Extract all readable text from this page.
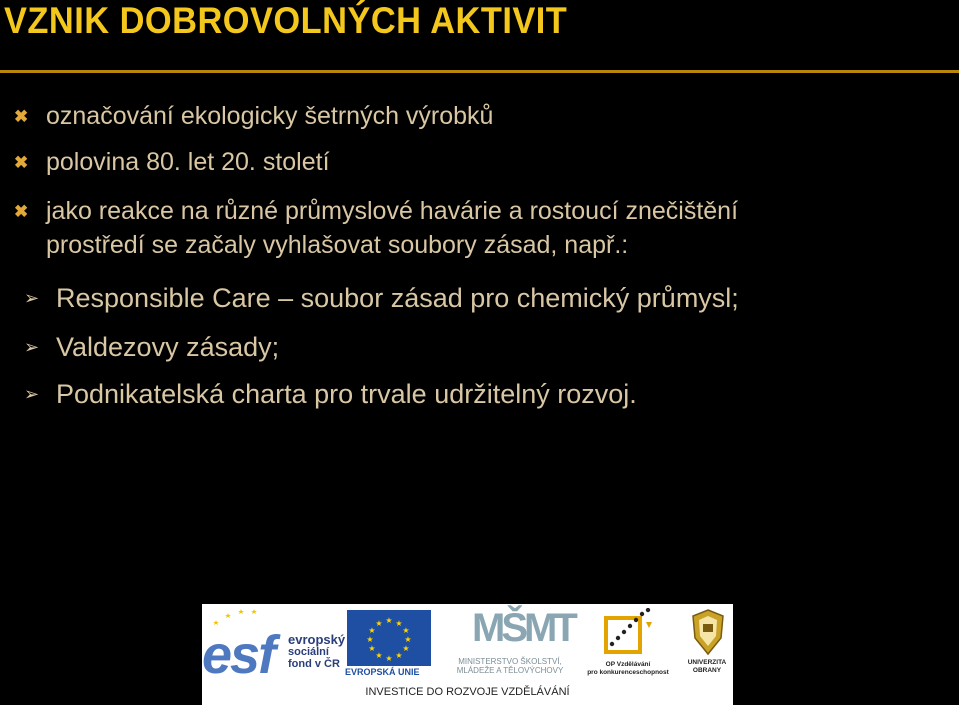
VZNIK DOBROVOLNÝCH AKTIVIT
✖ označování ekologicky šetrných výrobků
✖ polovina 80. let 20. století
✖ jako reakce na různé průmyslové havárie a rostoucí znečištění
prostředí se začaly vyhlašovat soubory zásad, např.:
➢ Responsible Care – soubor zásad pro chemický průmysl;
➢ Valdezovy zásady;
➢ Podnikatelská charta pro trvale udržitelný rozvoj.
esf evropský
sociální
fond v ČR
★ ★
★
★
★
★
★
★
★
★
★
★
EVROPSKÁ UNIE
MŠMT
MINISTERSTVO ŠKOLSTVÍ,
MLÁDEŽE A TĚLOVÝCHOVY
OP Vzdělávání
pro konkurenceschopnost
UNIVERZITA
OBRANY
INVESTICE DO ROZVOJE VZDĚLÁVÁNÍ
